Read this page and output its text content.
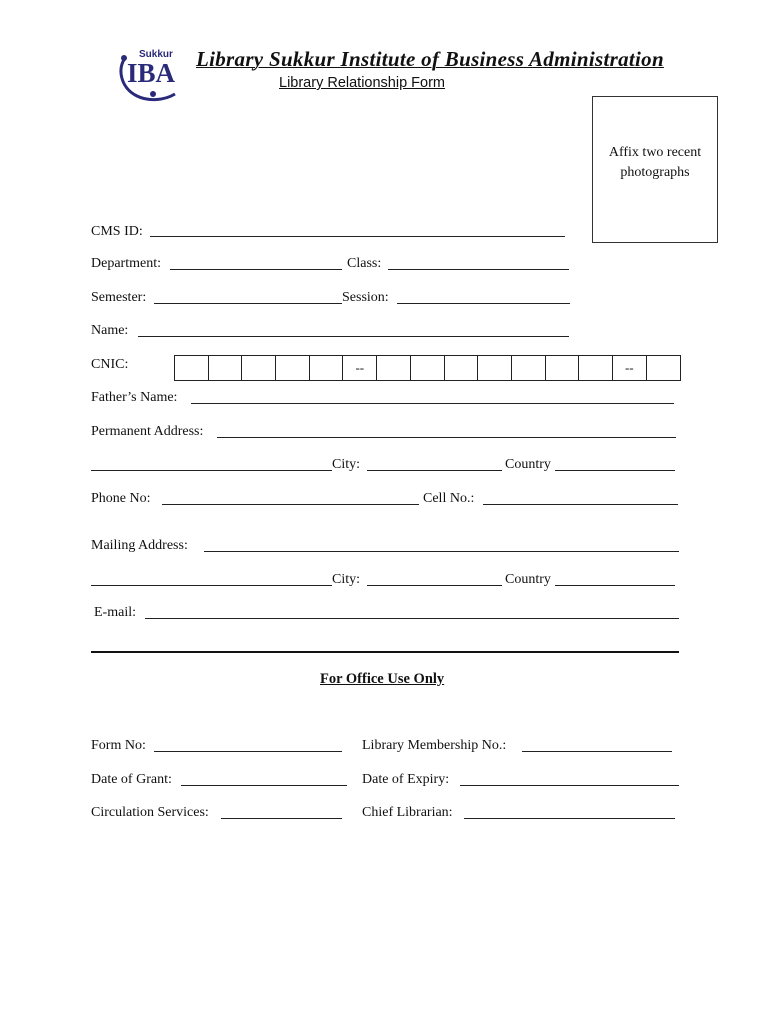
Sukkur
IBA Library Sukkur Institute of Business Administration
Library Relationship Form
Affix two recent
photographs
CMS ID:
Department:	Class:
Semester:	Session:
Name:
CNIC:	--	--
Father’s Name:
Permanent Address:
City:	Country
Phone No:	Cell No.:
Mailing Address:
City:	Country
E-mail:
For Office Use Only
Form No:	Library Membership No.:
Date of Grant:	Date of Expiry:
Circulation Services:	Chief Librarian:
